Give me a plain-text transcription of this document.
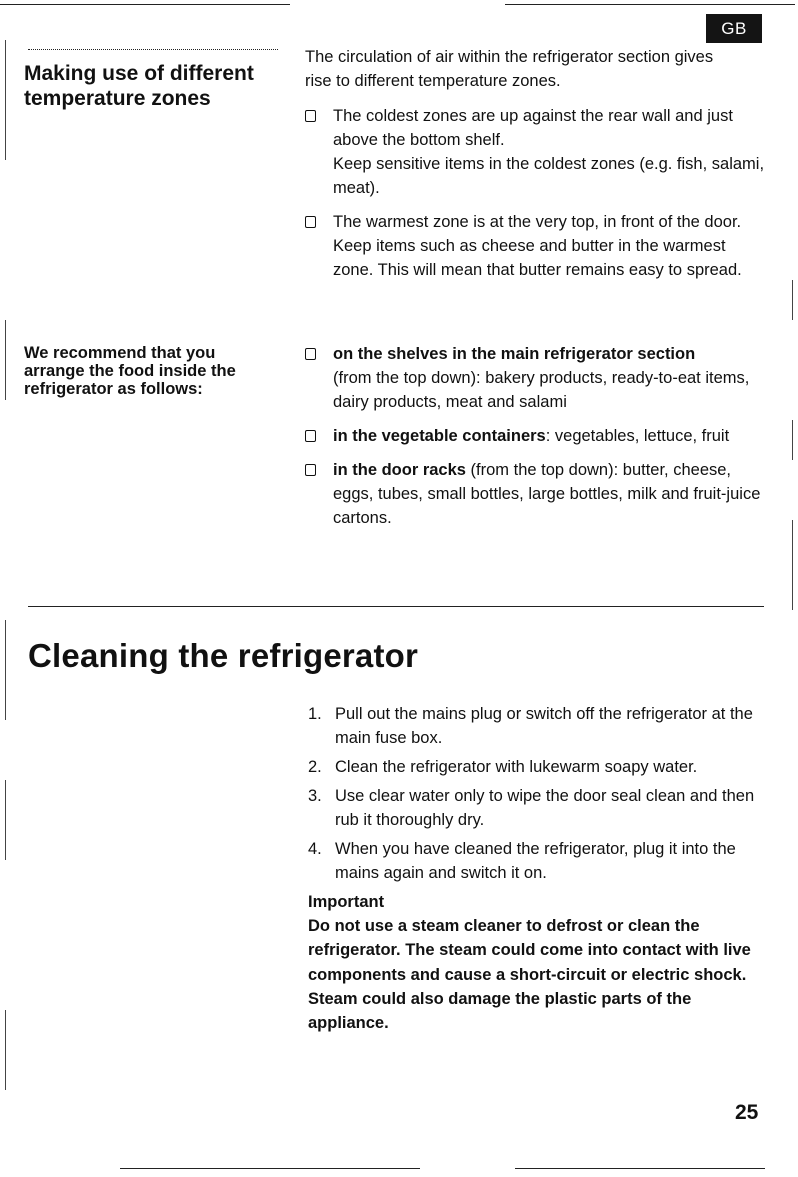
GB
Making use of different temperature zones

The circulation of air within the refrigerator section gives rise to different temperature zones.

The coldest zones are up against the rear wall and just above the bottom shelf.

Keep sensitive items in the coldest zones (e.g. fish, salami, meat).

The warmest zone is at the very top, in front of the door.

Keep items such as cheese and butter in the warmest zone. This will mean that butter remains easy to spread.

We recommend that you arrange the food inside the refrigerator as follows:

on the shelves in the main refrigerator section
(from the top down): bakery products, ready-to-eat items, dairy products, meat and salami

in the vegetable containers: vegetables, lettuce, fruit

in the door racks (from the top down): butter, cheese, eggs, tubes, small bottles, large bottles, milk and fruit-juice cartons.

Cleaning the refrigerator
1. Pull out the mains plug or switch off the refrigerator at the main fuse box.
2. Clean the refrigerator with lukewarm soapy water.
3. Use clear water only to wipe the door seal clean and then rub it thoroughly dry.
4. When you have cleaned the refrigerator, plug it into the mains again and switch it on.

Important

Do not use a steam cleaner to defrost or clean the refrigerator. The steam could come into contact with live components and cause a short-circuit or electric shock. Steam could also damage the plastic parts of the appliance.

25
